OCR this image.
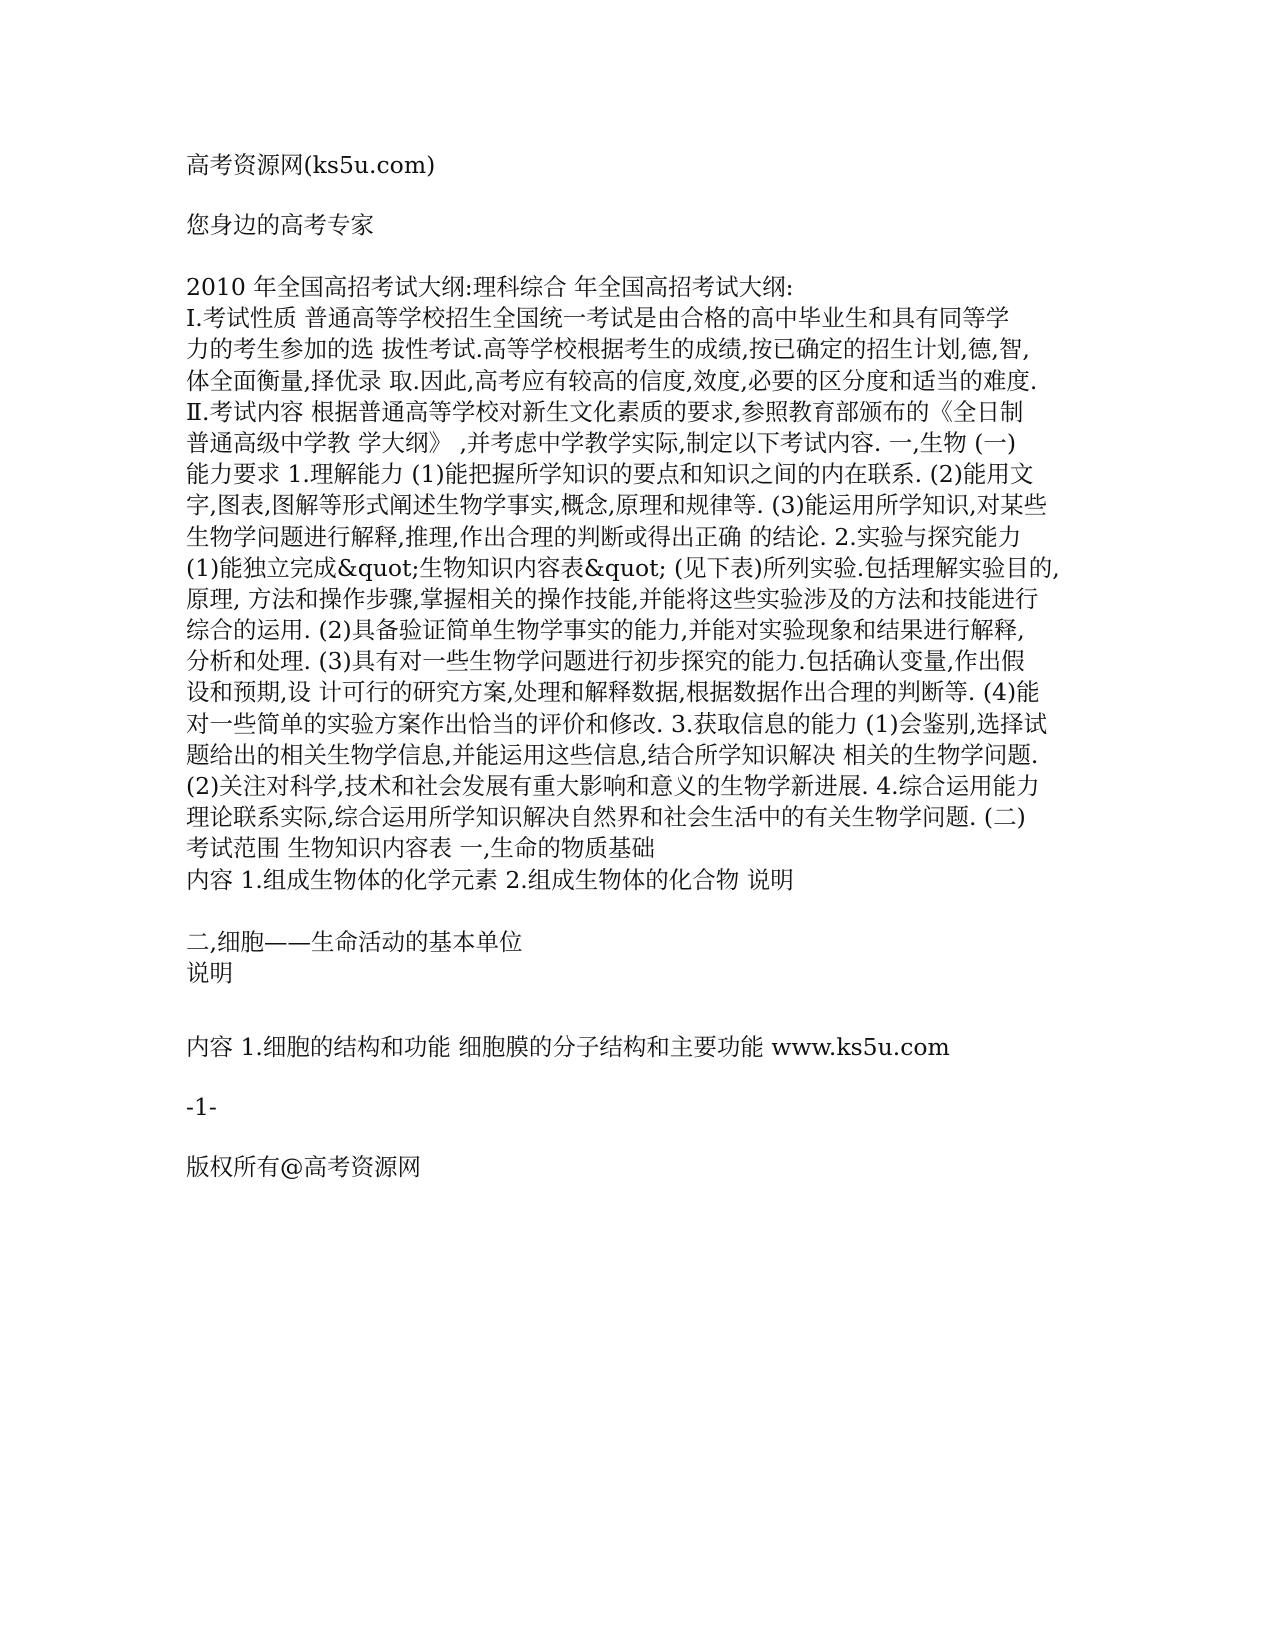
高考资源网(ks5u.com)
您身边的高考专家
2010 年全国高招考试大纲:理科综合 年全国高招考试大纲:
Ⅰ.考试性质 普通高等学校招生全国统一考试是由合格的高中毕业生和具有同等学
力的考生参加的选 拔性考试.高等学校根据考生的成绩,按已确定的招生计划,德,智,
体全面衡量,择优录 取.因此,高考应有较高的信度,效度,必要的区分度和适当的难度.
Ⅱ.考试内容 根据普通高等学校对新生文化素质的要求,参照教育部颁布的《全日制
普通高级中学教 学大纲》 ,并考虑中学教学实际,制定以下考试内容. 一,生物 (一)
能力要求 1.理解能力 (1)能把握所学知识的要点和知识之间的内在联系. (2)能用文
字,图表,图解等形式阐述生物学事实,概念,原理和规律等. (3)能运用所学知识,对某些
生物学问题进行解释,推理,作出合理的判断或得出正确 的结论. 2.实验与探究能力
(1)能独立完成&quot;生物知识内容表&quot; (见下表)所列实验.包括理解实验目的,
原理, 方法和操作步骤,掌握相关的操作技能,并能将这些实验涉及的方法和技能进行
综合的运用. (2)具备验证简单生物学事实的能力,并能对实验现象和结果进行解释,
分析和处理. (3)具有对一些生物学问题进行初步探究的能力.包括确认变量,作出假
设和预期,设 计可行的研究方案,处理和解释数据,根据数据作出合理的判断等. (4)能
对一些简单的实验方案作出恰当的评价和修改. 3.获取信息的能力 (1)会鉴别,选择试
题给出的相关生物学信息,并能运用这些信息,结合所学知识解决 相关的生物学问题.
(2)关注对科学,技术和社会发展有重大影响和意义的生物学新进展. 4.综合运用能力
理论联系实际,综合运用所学知识解决自然界和社会生活中的有关生物学问题. (二)
考试范围 生物知识内容表 一,生命的物质基础
内容 1.组成生物体的化学元素 2.组成生物体的化合物 说明
二,细胞——生命活动的基本单位
说明
内容 1.细胞的结构和功能 细胞膜的分子结构和主要功能 www.ks5u.com
-1-
版权所有@高考资源网
